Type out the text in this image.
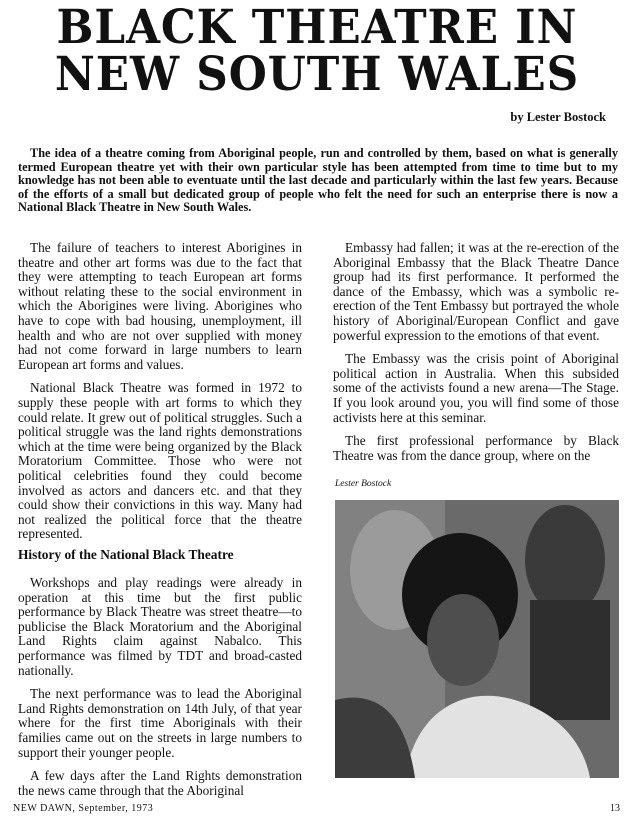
BLACK THEATRE IN
NEW SOUTH WALES
by Lester Bostock

The idea of a theatre coming from Aboriginal people, run and controlled by them, based on what is generally termed European theatre yet with their own particular style has been attempted from time to time but to my knowledge has not been able to eventuate until the last decade and particularly within the last few years. Because of the efforts of a small but dedicated group of people who felt the need for such an enterprise there is now a National Black Theatre in New South Wales.

The failure of teachers to interest Aborigines in theatre and other art forms was due to the fact that they were attempting to teach European art forms without relating these to the social environment in which the Aborigines were living. Aborigines who have to cope with bad housing, unemployment, ill health and who are not over supplied with money had not come forward in large numbers to learn European art forms and values.

National Black Theatre was formed in 1972 to supply these people with art forms to which they could relate. It grew out of political struggles. Such a political struggle was the land rights demonstrations which at the time were being organized by the Black Moratorium Committee. Those who were not political celebrities found they could become involved as actors and dancers etc. and that they could show their convictions in this way. Many had not realized the political force that the theatre represented.

History of the National Black Theatre

Workshops and play readings were already in operation at this time but the first public performance by Black Theatre was street theatre—to publicise the Black Moratorium and the Aboriginal Land Rights claim against Nabalco. This performance was filmed by TDT and broad-casted nationally.

The next performance was to lead the Aboriginal Land Rights demonstration on 14th July, of that year where for the first time Aboriginals with their families came out on the streets in large numbers to support their younger people.

A few days after the Land Rights demonstration the news came through that the Aboriginal

Embassy had fallen; it was at the re-erection of the Aboriginal Embassy that the Black Theatre Dance group had its first performance. It performed the dance of the Embassy, which was a symbolic re-erection of the Tent Embassy but portrayed the whole history of Aboriginal/European Conflict and gave powerful expression to the emotions of that event.

The Embassy was the crisis point of Aboriginal political action in Australia. When this subsided some of the activists found a new arena—The Stage. If you look around you, you will find some of those activists here at this seminar.

The first professional performance by Black Theatre was from the dance group, where on the

Lester Bostock
NEW DAWN, September, 1973	13
